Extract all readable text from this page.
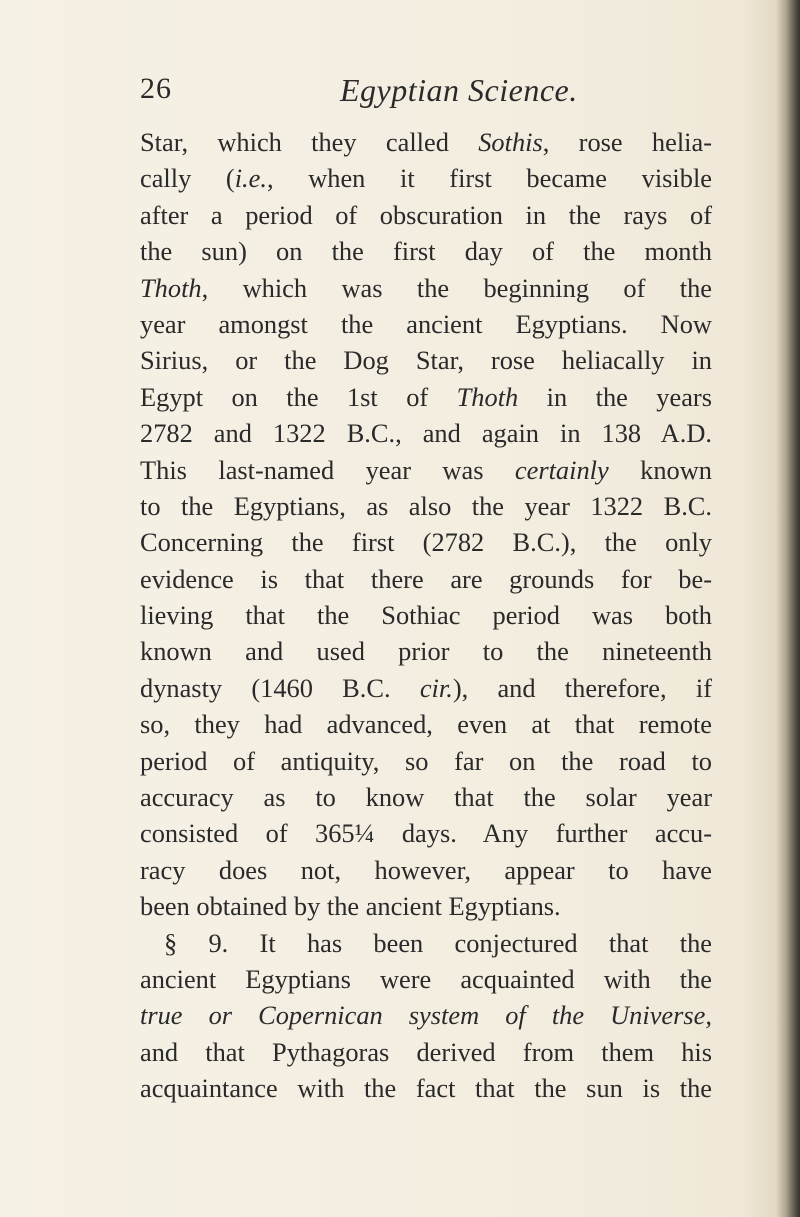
26	Egyptian Science.
Star, which they called Sothis, rose helia-
cally (i.e., when it first became visible
after a period of obscuration in the rays of
the sun) on the first day of the month
Thoth, which was the beginning of the
year amongst the ancient Egyptians. Now
Sirius, or the Dog Star, rose heliacally in
Egypt on the 1st of Thoth in the years
2782 and 1322 B.C., and again in 138 A.D.
This last-named year was certainly known
to the Egyptians, as also the year 1322 B.C.
Concerning the first (2782 B.C.), the only
evidence is that there are grounds for be-
lieving that the Sothiac period was both
known and used prior to the nineteenth
dynasty (1460 B.C. cir.), and therefore, if
so, they had advanced, even at that remote
period of antiquity, so far on the road to
accuracy as to know that the solar year
consisted of 365¼ days. Any further accu-
racy does not, however, appear to have
been obtained by the ancient Egyptians.
§ 9. It has been conjectured that the
ancient Egyptians were acquainted with the
true or Copernican system of the Universe,
and that Pythagoras derived from them his
acquaintance with the fact that the sun is the
